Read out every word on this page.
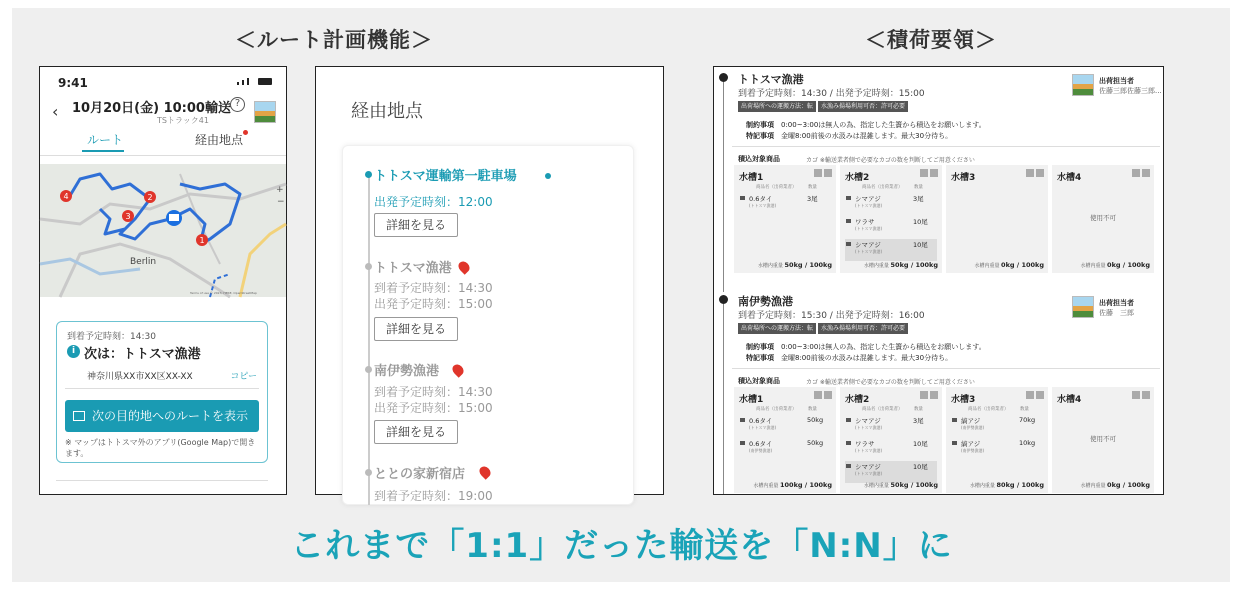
＜ルート計画機能＞	＜積荷要領＞
9:41
‹ 10月20日(金) 10:00輸送 ?
TSトラック41
ルート	経由地点
4	2
3
1
Berlin
Terms of use © 2023, HERE, OpenStreetMap
+
−
到着予定時刻：14:30
i 次は：トトスマ漁港
神奈川県XX市XX区XX-XX	コピー
次の目的地へのルートを表示
※ マップはトトスマ外のアプリ(Google Map)で開きます。
経由地点
トトスマ運輸第一駐車場
出発予定時刻：12:00
詳細を見る
トトスマ漁港
到着予定時刻：14:30
出発予定時刻：15:00
詳細を見る
南伊勢漁港
到着予定時刻：14:30
出発予定時刻：15:00
詳細を見る
ととの家新宿店
到着予定時刻：19:00
トトスマ漁港
到着予定時刻：14:30 / 出発予定時刻：15:00
出荷場所への運搬方法：転	水漁み揚場利用可否：許可必要
出荷担当者
佐藤三郎佐藤三郎...
制約事項 0:00~3:00は無人の為、指定した生簀から積込をお願いします。
特記事項 金曜8:00前後の水汲みは混雑します。最大30分待ち。
積込対象商品	カゴ ※輸送業者側で必要なカゴの数を判断してご用意ください
水槽1
商品名（出荷業者）	数量
0.6タイ
(トトスマ漁港)
3尾
水槽内重量 50kg / 100kg
水槽2
商品名（出荷業者）	数量
シマアジ
(トトスマ漁港)
3尾
ワラサ
(トトスマ漁港)
10尾
シマアジ
(トトスマ漁港)
10尾
水槽内重量 50kg / 100kg
水槽3
水槽内重量 0kg / 100kg
水槽4
使用不可
水槽内重量 0kg / 100kg
南伊勢漁港
到着予定時刻：15:30 / 出発予定時刻：16:00
出荷場所への運搬方法：転	水漁み揚場利用可否：許可必要
出荷担当者
佐藤　三郎
制約事項 0:00~3:00は無人の為、指定した生簀から積込をお願いします。
特記事項 金曜8:00前後の水汲みは混雑します。最大30分待ち。
積込対象商品	カゴ ※輸送業者側で必要なカゴの数を判断してご用意ください
水槽1
商品名（出荷業者）	数量
0.6タイ
(トトスマ漁港)
50kg
0.6タイ
(南伊勢漁港)
50kg
水槽内重量 100kg / 100kg
水槽2
商品名（出荷業者）	数量
シマアジ
(トトスマ漁港)
3尾
ワラサ
(トトスマ漁港)
10尾
シマアジ
(トトスマ漁港)
10尾
水槽内重量 50kg / 100kg
水槽3
商品名（出荷業者）	数量
縞アジ
(南伊勢漁港)
70kg
縞アジ
(南伊勢漁港)
10kg
水槽内重量 80kg / 100kg
水槽4
使用不可
水槽内重量 0kg / 100kg
これまで「1:1」だった輸送を「N:N」に
